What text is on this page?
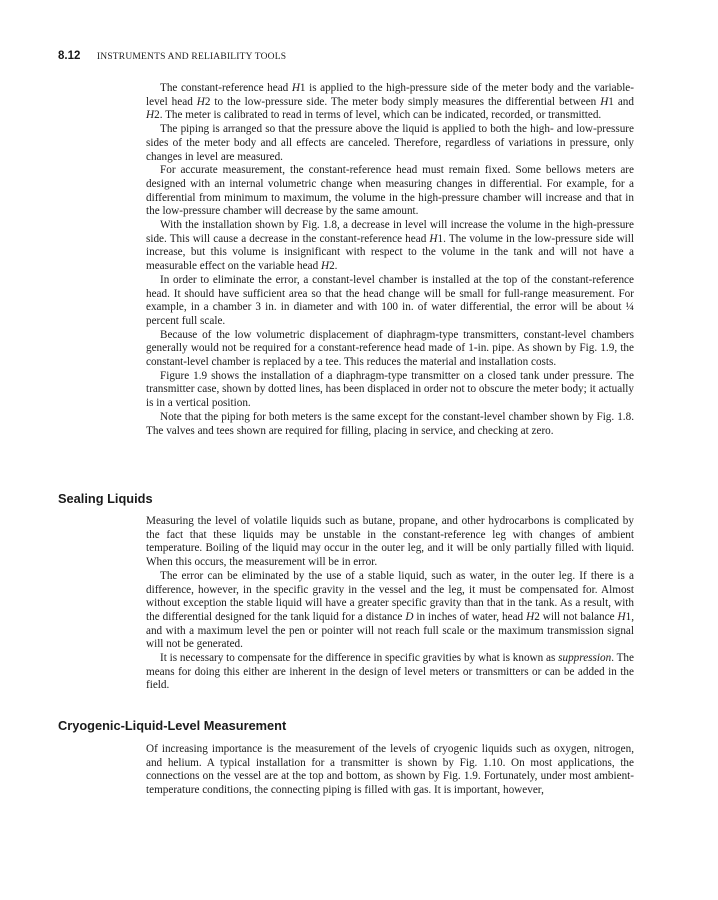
8.12 INSTRUMENTS AND RELIABILITY TOOLS

The constant-reference head H1 is applied to the high-pressure side of the meter body and the variable-level head H2 to the low-pressure side. The meter body simply measures the differential between H1 and H2. The meter is calibrated to read in terms of level, which can be indicated, recorded, or transmitted.

The piping is arranged so that the pressure above the liquid is applied to both the high- and low-pressure sides of the meter body and all effects are canceled. Therefore, regardless of variations in pressure, only changes in level are measured.

For accurate measurement, the constant-reference head must remain fixed. Some bellows meters are designed with an internal volumetric change when measuring changes in differential. For example, for a differential from minimum to maximum, the volume in the high-pressure chamber will increase and that in the low-pressure chamber will decrease by the same amount.

With the installation shown by Fig. 1.8, a decrease in level will increase the volume in the high-pressure side. This will cause a decrease in the constant-reference head H1. The volume in the low-pressure side will increase, but this volume is insignificant with respect to the volume in the tank and will not have a measurable effect on the variable head H2.

In order to eliminate the error, a constant-level chamber is installed at the top of the constant-reference head. It should have sufficient area so that the head change will be small for full-range measurement. For example, in a chamber 3 in. in diameter and with 100 in. of water differential, the error will be about ¼ percent full scale.

Because of the low volumetric displacement of diaphragm-type transmitters, constant-level chambers generally would not be required for a constant-reference head made of 1-in. pipe. As shown by Fig. 1.9, the constant-level chamber is replaced by a tee. This reduces the material and installation costs.

Figure 1.9 shows the installation of a diaphragm-type transmitter on a closed tank under pressure. The transmitter case, shown by dotted lines, has been displaced in order not to obscure the meter body; it actually is in a vertical position.

Note that the piping for both meters is the same except for the constant-level chamber shown by Fig. 1.8. The valves and tees shown are required for filling, placing in service, and checking at zero.

Sealing Liquids

Measuring the level of volatile liquids such as butane, propane, and other hydrocarbons is complicated by the fact that these liquids may be unstable in the constant-reference leg with changes of ambient temperature. Boiling of the liquid may occur in the outer leg, and it will be only partially filled with liquid. When this occurs, the measurement will be in error.

The error can be eliminated by the use of a stable liquid, such as water, in the outer leg. If there is a difference, however, in the specific gravity in the vessel and the leg, it must be compensated for. Almost without exception the stable liquid will have a greater specific gravity than that in the tank. As a result, with the differential designed for the tank liquid for a distance D in inches of water, head H2 will not balance H1, and with a maximum level the pen or pointer will not reach full scale or the maximum transmission signal will not be generated.

It is necessary to compensate for the difference in specific gravities by what is known as suppression. The means for doing this either are inherent in the design of level meters or transmitters or can be added in the field.

Cryogenic-Liquid-Level Measurement

Of increasing importance is the measurement of the levels of cryogenic liquids such as oxygen, nitrogen, and helium. A typical installation for a transmitter is shown by Fig. 1.10. On most applications, the connections on the vessel are at the top and bottom, as shown by Fig. 1.9. Fortunately, under most ambient-temperature conditions, the connecting piping is filled with gas. It is important, however,
